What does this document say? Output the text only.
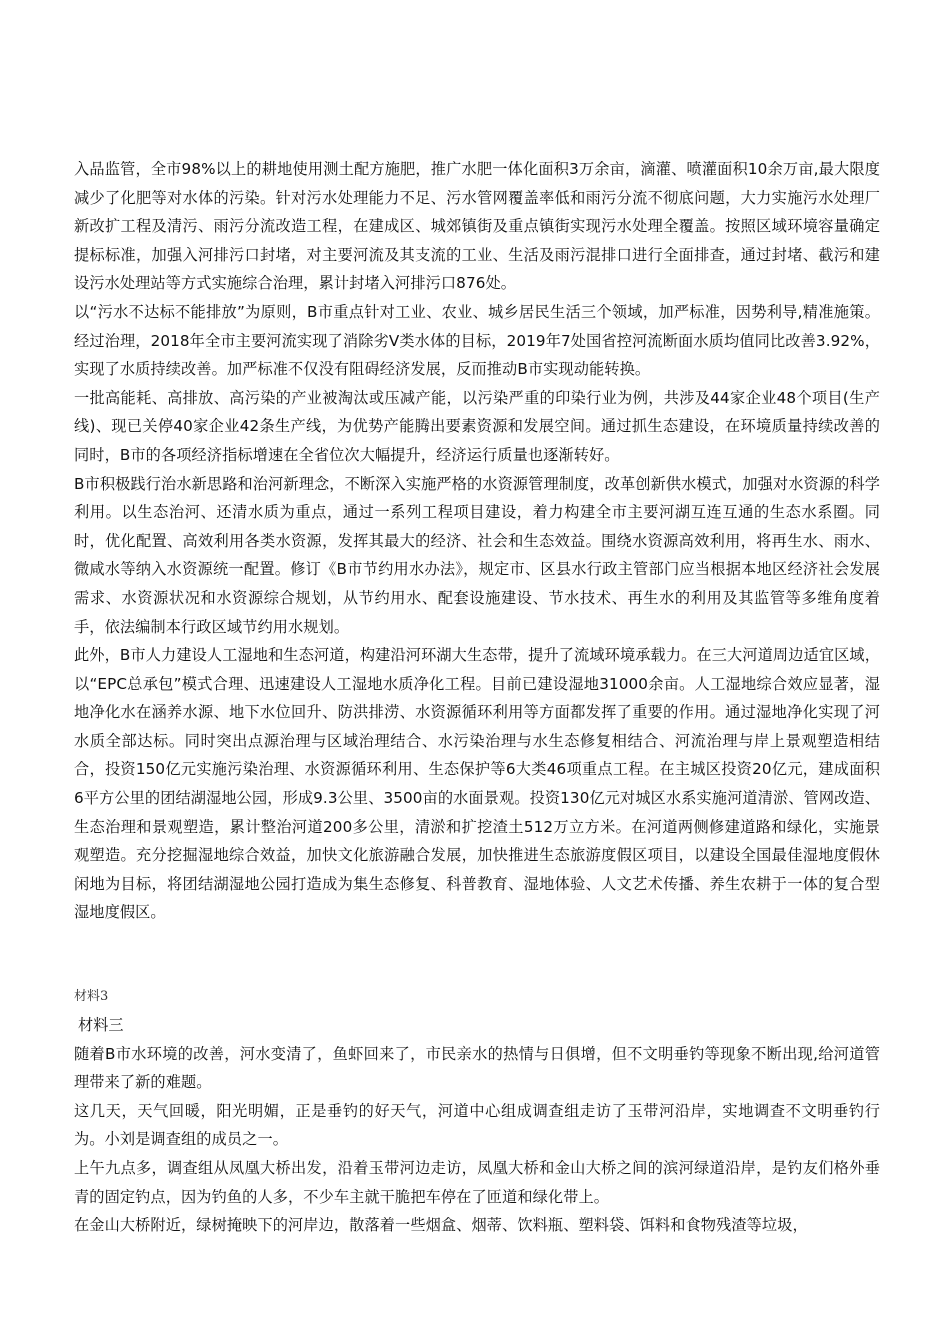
入品监管，全市98%以上的耕地使用测土配方施肥，推广水肥一体化面积3万余亩，滴灌、喷灌面积10余万亩,最大限度减少了化肥等对水体的污染。针对污水处理能力不足、污水管网覆盖率低和雨污分流不彻底问题，大力实施污水处理厂新改扩工程及清污、雨污分流改造工程，在建成区、城郊镇街及重点镇街实现污水处理全覆盖。按照区域环境容量确定提标标准，加强入河排污口封堵，对主要河流及其支流的工业、生活及雨污混排口进行全面排查，通过封堵、截污和建设污水处理站等方式实施综合治理，累计封堵入河排污口876处。

以“污水不达标不能排放”为原则，B市重点针对工业、农业、城乡居民生活三个领域，加严标准，因势利导,精准施策。经过治理，2018年全市主要河流实现了消除劣V类水体的目标，2019年7处国省控河流断面水质均值同比改善3.92%，实现了水质持续改善。加严标准不仅没有阻碍经济发展，反而推动B市实现动能转换。

一批高能耗、高排放、高污染的产业被淘汰或压减产能，以污染严重的印染行业为例，共涉及44家企业48个项目(生产线)、现已关停40家企业42条生产线，为优势产能腾出要素资源和发展空间。通过抓生态建设，在环境质量持续改善的同时，B市的各项经济指标增速在全省位次大幅提升，经济运行质量也逐渐转好。

B市积极践行治水新思路和治河新理念，不断深入实施严格的水资源管理制度，改革创新供水模式，加强对水资源的科学利用。以生态治河、还清水质为重点，通过一系列工程项目建设，着力构建全市主要河湖互连互通的生态水系圈。同时，优化配置、高效利用各类水资源，发挥其最大的经济、社会和生态效益。围绕水资源高效利用，将再生水、雨水、微咸水等纳入水资源统一配置。修订《B市节约用水办法》，规定市、区县水行政主管部门应当根据本地区经济社会发展需求、水资源状况和水资源综合规划，从节约用水、配套设施建设、节水技术、再生水的利用及其监管等多维角度着手，依法编制本行政区域节约用水规划。

此外，B市人力建设人工湿地和生态河道，构建沿河环湖大生态带，提升了流域环境承载力。在三大河道周边适宜区域，以“EPC总承包”模式合理、迅速建设人工湿地水质净化工程。目前已建设湿地31000余亩。人工湿地综合效应显著，湿地净化水在涵养水源、地下水位回升、防洪排涝、水资源循环利用等方面都发挥了重要的作用。通过湿地净化实现了河水质全部达标。同时突出点源治理与区域治理结合、水污染治理与水生态修复相结合、河流治理与岸上景观塑造相结合，投资150亿元实施污染治理、水资源循环利用、生态保护等6大类46项重点工程。在主城区投资20亿元，建成面积6平方公里的团结湖湿地公园，形成9.3公里、3500亩的水面景观。投资130亿元对城区水系实施河道清淤、管网改造、生态治理和景观塑造，累计整治河道200多公里，清淤和扩挖渣土512万立方米。在河道两侧修建道路和绿化，实施景观塑造。充分挖掘湿地综合效益，加快文化旅游融合发展，加快推进生态旅游度假区项目，以建设全国最佳湿地度假休闲地为目标，将团结湖湿地公园打造成为集生态修复、科普教育、湿地体验、人文艺术传播、养生农耕于一体的复合型湿地度假区。

材料3

材料三

随着B市水环境的改善，河水变清了，鱼虾回来了，市民亲水的热情与日俱增，但不文明垂钓等现象不断出现,给河道管理带来了新的难题。

这几天，天气回暖，阳光明媚，正是垂钓的好天气，河道中心组成调查组走访了玉带河沿岸，实地调查不文明垂钓行为。小刘是调查组的成员之一。

上午九点多，调查组从凤凰大桥出发，沿着玉带河边走访，凤凰大桥和金山大桥之间的滨河绿道沿岸，是钓友们格外垂青的固定钓点，因为钓鱼的人多，不少车主就干脆把车停在了匝道和绿化带上。

在金山大桥附近，绿树掩映下的河岸边，散落着一些烟盒、烟蒂、饮料瓶、塑料袋、饵料和食物残渣等垃圾，
